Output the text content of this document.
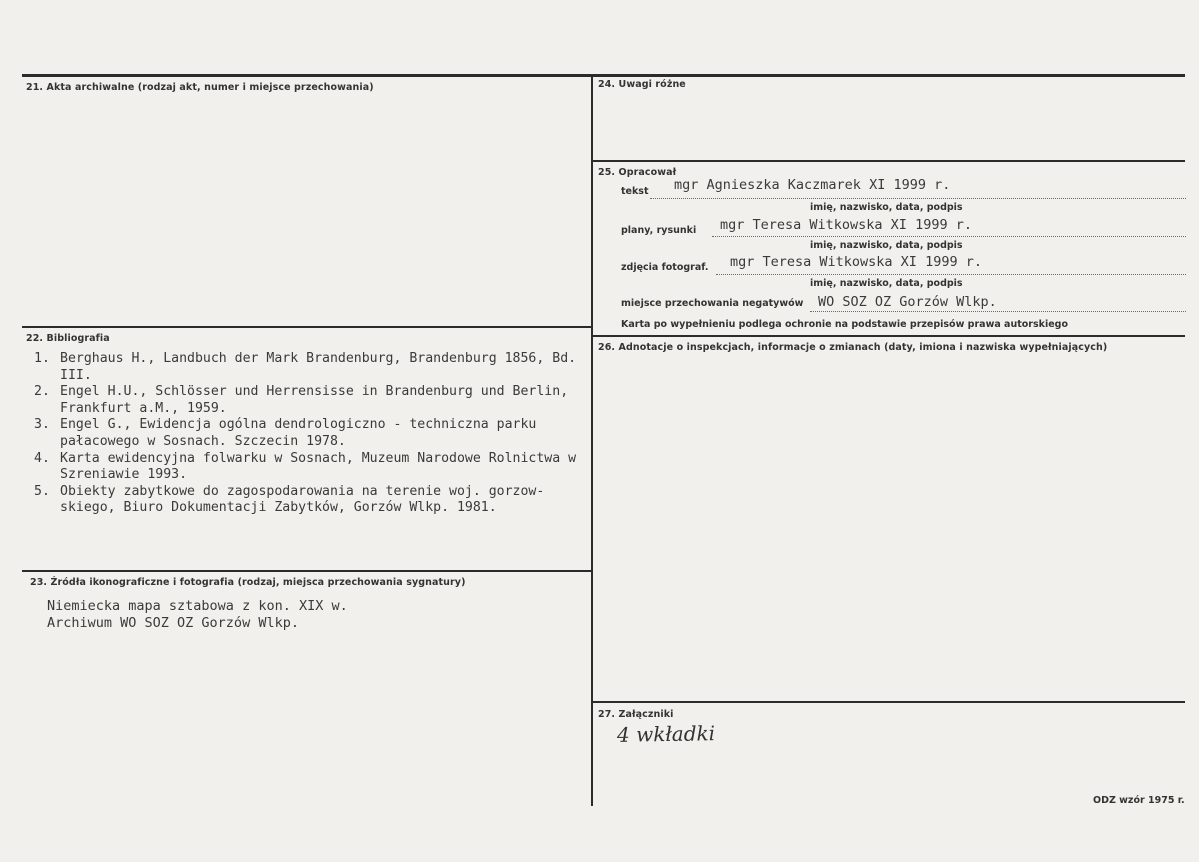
21. Akta archiwalne (rodzaj akt, numer i miejsce przechowania)
22. Bibliografia
1. Berghaus H., Landbuch der Mark Brandenburg, Brandenburg 1856, Bd. III.
2. Engel H.U., Schlösser und Herrensisse in Brandenburg und Berlin, Frankfurt a.M., 1959.
3. Engel G., Ewidencja ogólna dendrologiczno - techniczna parku pałacowego w Sosnach. Szczecin 1978.
4. Karta ewidencyjna folwarku w Sosnach, Muzeum Narodowe Rolnictwa w Szreniawie 1993.
5. Obiekty zabytkowe do zagospodarowania na terenie woj. gorzow-skiego, Biuro Dokumentacji Zabytków, Gorzów Wlkp. 1981.
23. Źródła ikonograficzne i fotografia (rodzaj, miejsca przechowania sygnatury)
Niemiecka mapa sztabowa z kon. XIX w.
Archiwum WO SOZ OZ Gorzów Wlkp.
24. Uwagi różne
25. Opracował
tekst mgr Agnieszka Kaczmarek XI 1999 r.
imię, nazwisko, data, podpis
plany, rysunki mgr Teresa Witkowska XI 1999 r.
imię, nazwisko, data, podpis
zdjęcia fotograf. mgr Teresa Witkowska XI 1999 r.
imię, nazwisko, data, podpis
miejsce przechowania negatywów WO SOZ OZ Gorzów Wlkp.
Karta po wypełnieniu podlega ochronie na podstawie przepisów prawa autorskiego
26. Adnotacje o inspekcjach, informacje o zmianach (daty, imiona i nazwiska wypełniających)
27. Załączniki
4 wkładki
ODZ wzór 1975 r.
